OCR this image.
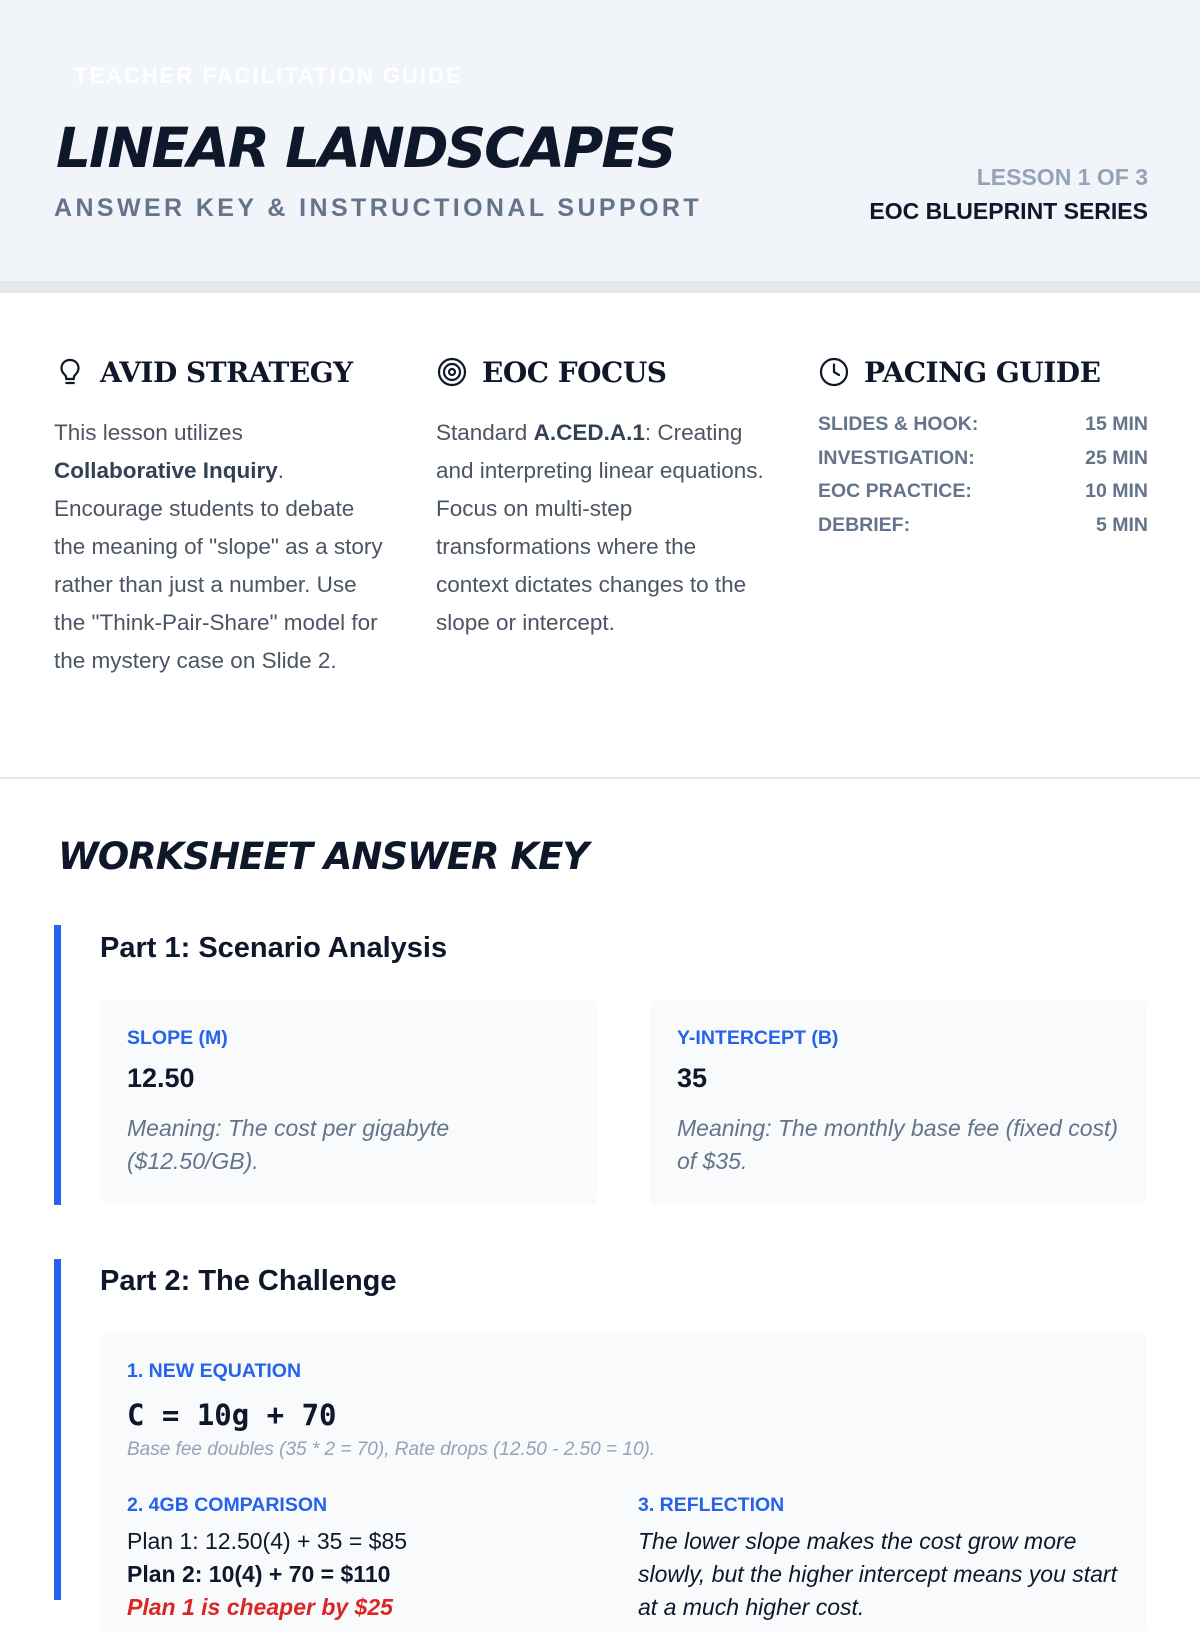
TEACHER FACILITATION GUIDE
LINEAR LANDSCAPES
ANSWER KEY & INSTRUCTIONAL SUPPORT
LESSON 1 OF 3
EOC BLUEPRINT SERIES
AVID STRATEGY
This lesson utilizes Collaborative Inquiry. Encourage students to debate the meaning of "slope" as a story rather than just a number. Use the "Think-Pair-Share" model for the mystery case on Slide 2.
EOC FOCUS
Standard A.CED.A.1: Creating and interpreting linear equations. Focus on multi-step transformations where the context dictates changes to the slope or intercept.
PACING GUIDE
SLIDES & HOOK:	15 MIN
INVESTIGATION:	25 MIN
EOC PRACTICE:	10 MIN
DEBRIEF:	5 MIN
WORKSHEET ANSWER KEY
Part 1: Scenario Analysis
SLOPE (M)
12.50
Meaning: The cost per gigabyte ($12.50/GB).
Y-INTERCEPT (B)
35
Meaning: The monthly base fee (fixed cost) of $35.
Part 2: The Challenge
1. NEW EQUATION
C = 10g + 70
Base fee doubles (35 * 2 = 70), Rate drops (12.50 - 2.50 = 10).
2. 4GB COMPARISON
Plan 1: 12.50(4) + 35 = $85
Plan 2: 10(4) + 70 = $110
Plan 1 is cheaper by $25
3. REFLECTION
The lower slope makes the cost grow more slowly, but the higher intercept means you start at a much higher cost.
